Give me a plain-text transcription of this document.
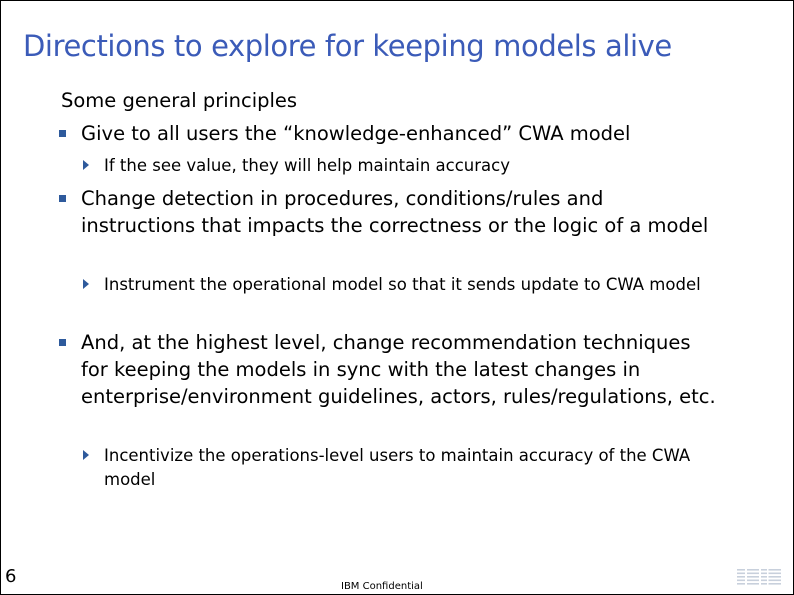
Directions to explore for keeping models alive
Some general principles
Give to all users the “knowledge-enhanced” CWA model
If the see value, they will help maintain accuracy
Change detection in procedures, conditions/rules and instructions that impacts the correctness or the logic of a model
Instrument the operational model so that it sends update to CWA model
And, at the highest level, change recommendation techniques for keeping the models in sync with the latest changes in enterprise/environment guidelines, actors, rules/regulations, etc.
Incentivize the operations-level users to maintain accuracy of the CWA model
6	IBM Confidential
